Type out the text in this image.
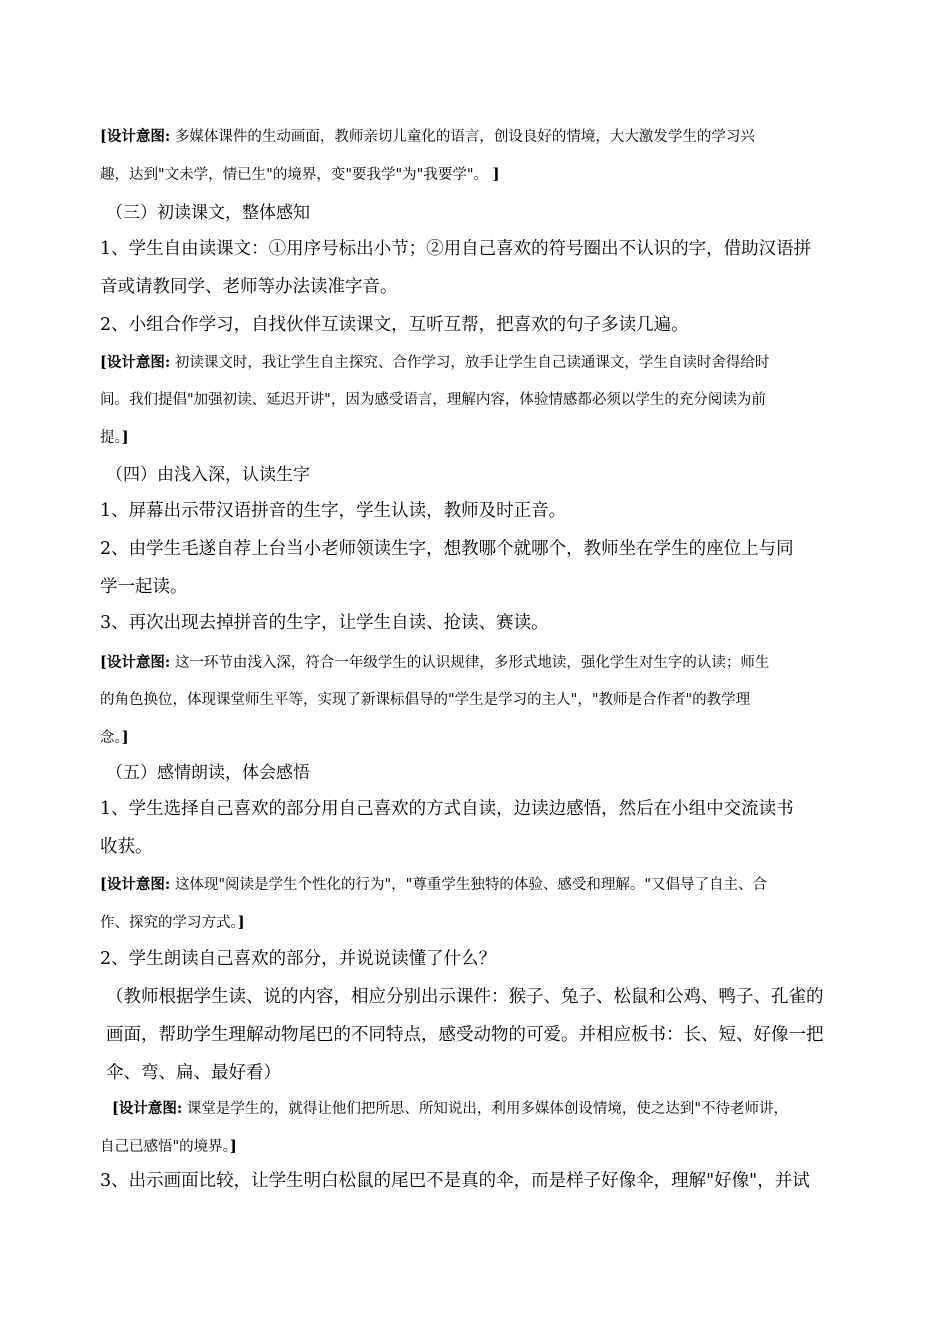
[设计意图: 多媒体课件的生动画面，教师亲切儿童化的语言，创设良好的情境，大大激发学生的学习兴
趣，达到"文未学，情已生"的境界，变"要我学"为"我要学"。 ]
（三）初读课文，整体感知
1、学生自由读课文：①用序号标出小节；②用自己喜欢的符号圈出不认识的字，借助汉语拼
音或请教同学、老师等办法读准字音。
2、小组合作学习，自找伙伴互读课文，互听互帮，把喜欢的句子多读几遍。
[设计意图: 初读课文时，我让学生自主探究、合作学习，放手让学生自己读通课文，学生自读时舍得给时
间。我们提倡"加强初读、延迟开讲"，因为感受语言，理解内容，体验情感都必须以学生的充分阅读为前
提。]
（四）由浅入深，认读生字
1、屏幕出示带汉语拼音的生字，学生认读，教师及时正音。
2、由学生毛遂自荐上台当小老师领读生字，想教哪个就哪个，教师坐在学生的座位上与同
学一起读。
3、再次出现去掉拼音的生字，让学生自读、抢读、赛读。
[设计意图: 这一环节由浅入深，符合一年级学生的认识规律，多形式地读，强化学生对生字的认读；师生
的角色换位，体现课堂师生平等，实现了新课标倡导的"学生是学习的主人"，"教师是合作者"的教学理
念。]
（五）感情朗读，体会感悟
1、学生选择自己喜欢的部分用自己喜欢的方式自读，边读边感悟，然后在小组中交流读书
收获。
[设计意图: 这体现"阅读是学生个性化的行为"，"尊重学生独特的体验、感受和理解。"又倡导了自主、合
作、探究的学习方式。]
2、学生朗读自己喜欢的部分，并说说读懂了什么？
（教师根据学生读、说的内容，相应分别出示课件：猴子、兔子、松鼠和公鸡、鸭子、孔雀的
画面，帮助学生理解动物尾巴的不同特点，感受动物的可爱。并相应板书：长、短、好像一把
伞、弯、扁、最好看）
[设计意图: 课堂是学生的，就得让他们把所思、所知说出，利用多媒体创设情境，使之达到"不待老师讲，
自己已感悟"的境界。]
3、出示画面比较，让学生明白松鼠的尾巴不是真的伞，而是样子好像伞，理解"好像"，并试
